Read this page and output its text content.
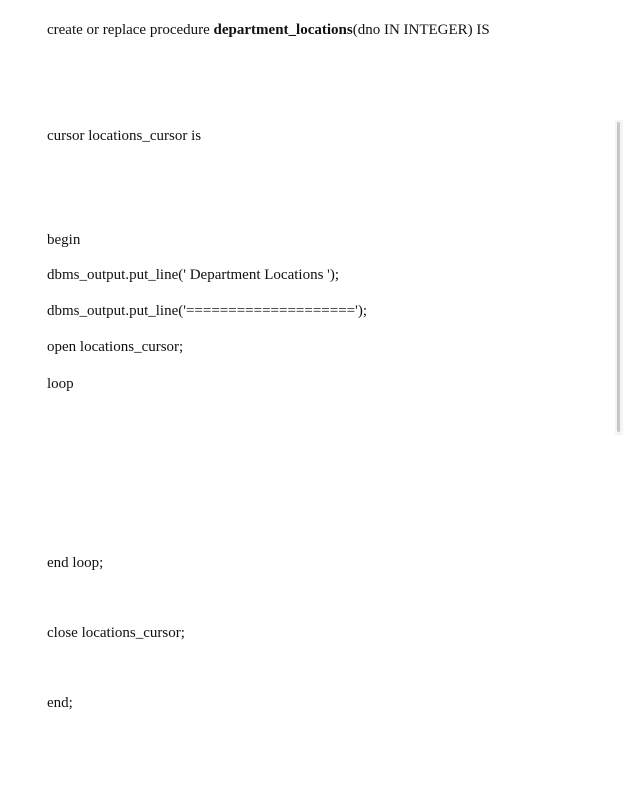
create or replace procedure department_locations(dno IN INTEGER) IS
cursor locations_cursor is
begin
dbms_output.put_line(' Department Locations ');
dbms_output.put_line('====================');
open locations_cursor;
loop
end loop;
close locations_cursor;
end;
